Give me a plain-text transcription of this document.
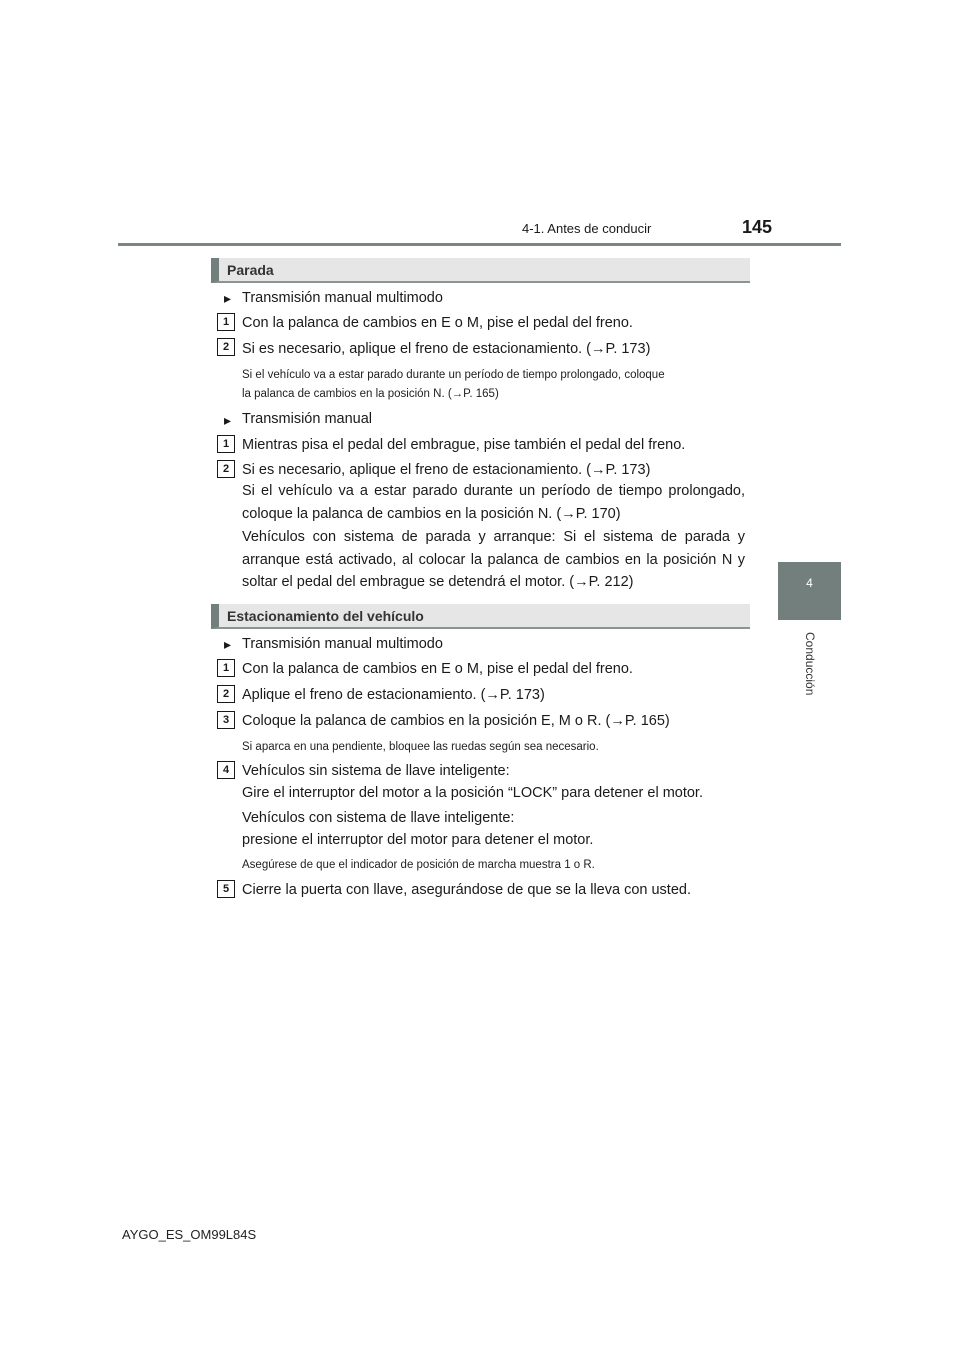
4-1. Antes de conducir	145
4
Conducción
Parada
▸ Transmisión manual multimodo
1 Con la palanca de cambios en E o M, pise el pedal del freno.
2 Si es necesario, aplique el freno de estacionamiento. (→P. 173)
Si el vehículo va a estar parado durante un período de tiempo prolongado, coloque
la palanca de cambios en la posición N. (→P. 165)
▸ Transmisión manual
1 Mientras pisa el pedal del embrague, pise también el pedal del freno.
2 Si es necesario, aplique el freno de estacionamiento. (→P. 173)
Si el vehículo va a estar parado durante un período de tiempo prolongado, coloque la palanca de cambios en la posición N. (→P. 170)
Vehículos con sistema de parada y arranque: Si el sistema de parada y arranque está activado, al colocar la palanca de cambios en la posición N y soltar el pedal del embrague se detendrá el motor. (→P. 212)
Estacionamiento del vehículo
▸ Transmisión manual multimodo
1 Con la palanca de cambios en E o M, pise el pedal del freno.
2 Aplique el freno de estacionamiento. (→P. 173)
3 Coloque la palanca de cambios en la posición E, M o R. (→P. 165)
Si aparca en una pendiente, bloquee las ruedas según sea necesario.
4 Vehículos sin sistema de llave inteligente:
Gire el interruptor del motor a la posición “LOCK” para detener el motor.
Vehículos con sistema de llave inteligente:
presione el interruptor del motor para detener el motor.
Asegúrese de que el indicador de posición de marcha muestra 1 o R.
5 Cierre la puerta con llave, asegurándose de que se la lleva con usted.
AYGO_ES_OM99L84S
